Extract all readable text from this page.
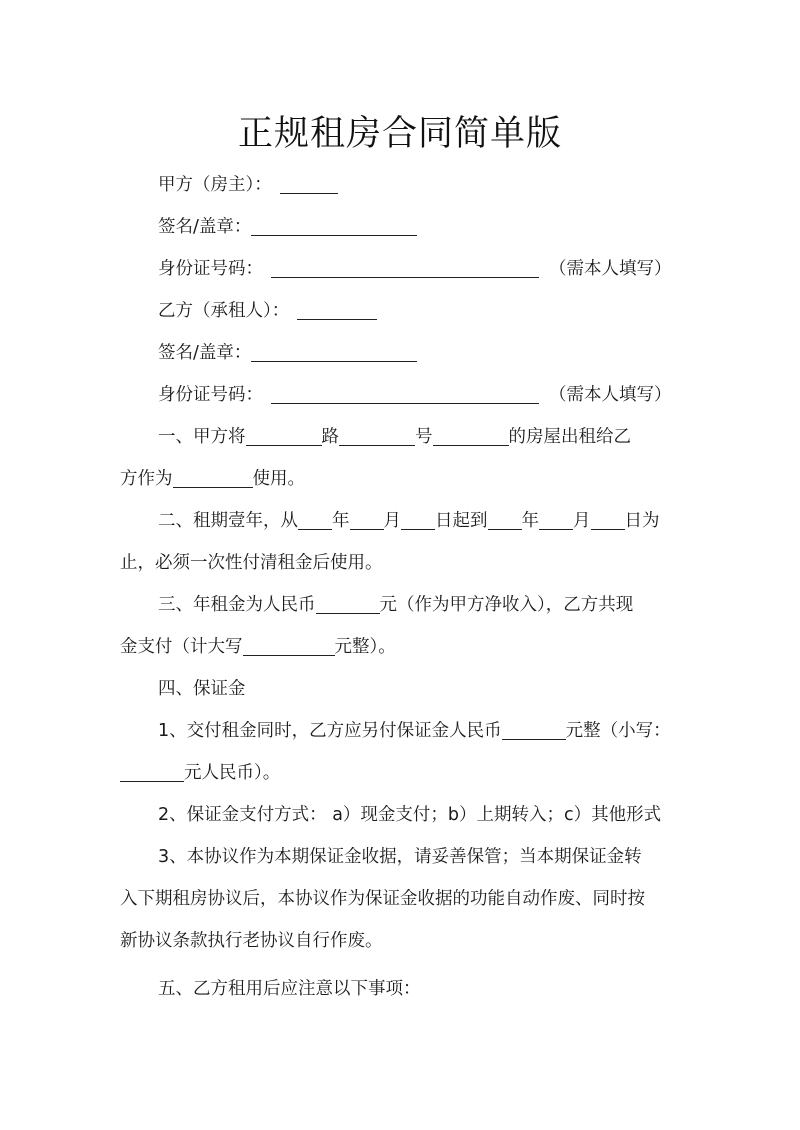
正规租房合同简单版
甲方（房主）：
签名/盖章：
身份证号码：	（需本人填写）
乙方（承租人）：
签名/盖章：
身份证号码：	（需本人填写）
一、甲方将	路	号	的房屋出租给乙
方作为	使用。
二、租期壹年，从 年 月 日起到 年 月 日为
止，必须一次性付清租金后使用。
三、年租金为人民币	元（作为甲方净收入），乙方共现
金支付（计大写	元整）。
四、保证金
1、交付租金同时，乙方应另付保证金人民币	元整（小写：
元人民币）。
2、保证金支付方式： a）现金支付；b）上期转入；c）其他形式
3、本协议作为本期保证金收据，请妥善保管；当本期保证金转
入下期租房协议后，本协议作为保证金收据的功能自动作废、同时按
新协议条款执行老协议自行作废。
五、乙方租用后应注意以下事项：
